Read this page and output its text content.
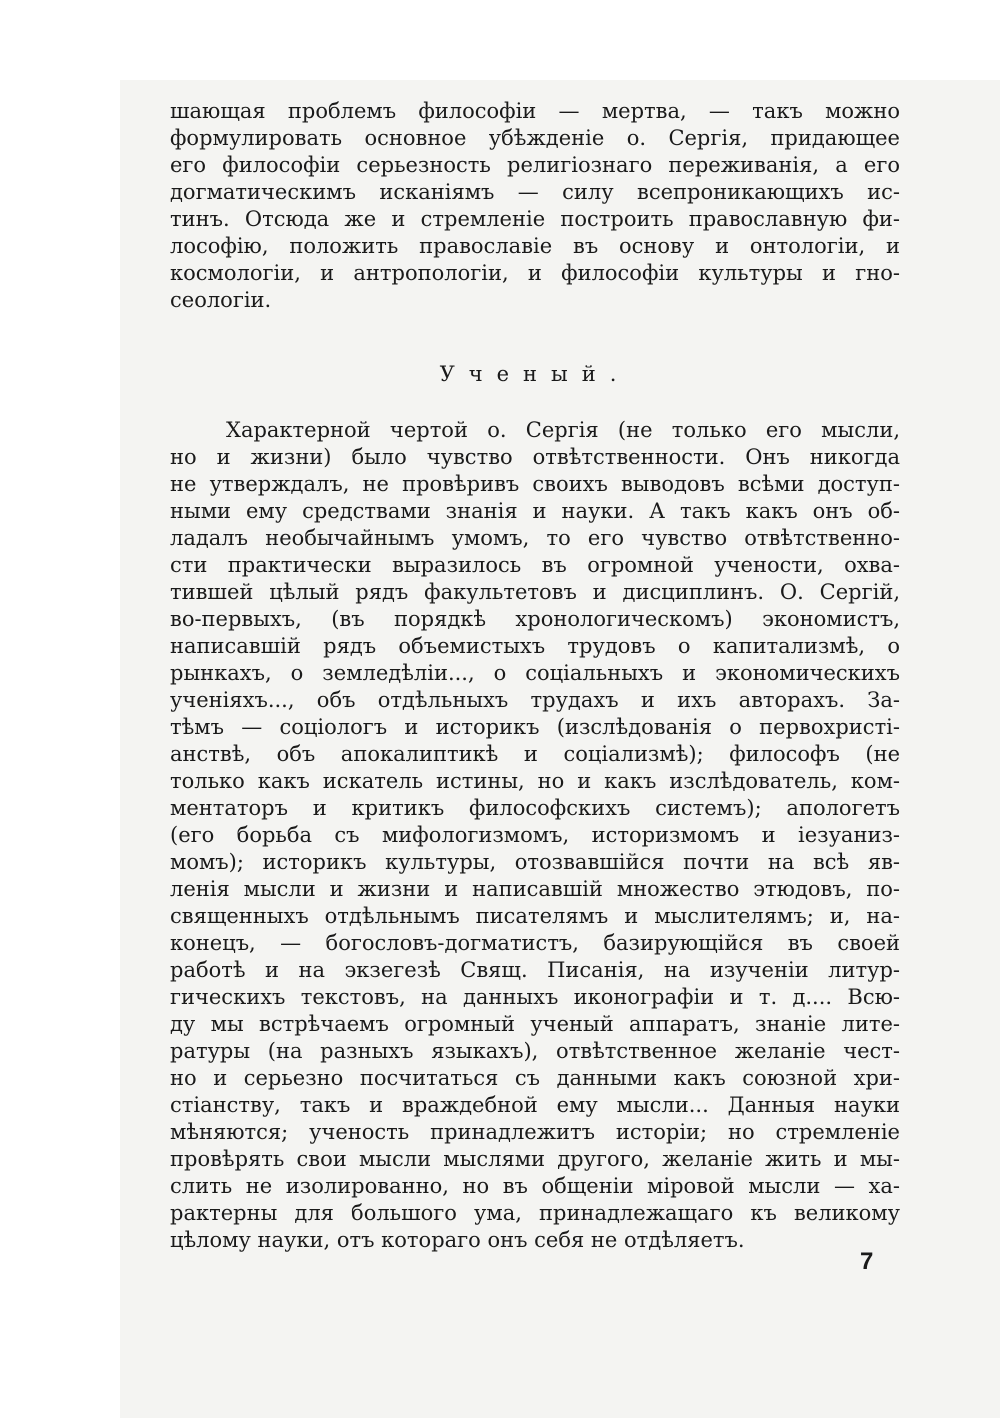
шающая проблемъ философіи — мертва, — такъ можно
формулировать основное убѣжденіе о. Сергія, придающее
его философіи серьезность религіознаго переживанія, а его
догматическимъ исканіямъ — силу всепроникающихъ ис-
тинъ. Отсюда же и стремленіе построить православную фи-
лософію, положить православіе въ основу и онтологіи, и
космологіи, и антропологіи, и философіи культуры и гно-
сеологіи.
Ученый.
Характерной чертой о. Сергія (не только его мысли,
но и жизни) было чувство отвѣтственности. Онъ никогда
не утверждалъ, не провѣривъ своихъ выводовъ всѣми доступ-
ными ему средствами знанія и науки. А такъ какъ онъ об-
ладалъ необычайнымъ умомъ, то его чувство отвѣтственно-
сти практически выразилось въ огромной учености, охва-
тившей цѣлый рядъ факультетовъ и дисциплинъ. О. Сергій,
во-первыхъ, (въ порядкѣ хронологическомъ) экономистъ,
написавшій рядъ объемистыхъ трудовъ о капитализмѣ, о
рынкахъ, о земледѣліи..., о соціальныхъ и экономическихъ
ученіяхъ..., объ отдѣльныхъ трудахъ и ихъ авторахъ. За-
тѣмъ — соціологъ и историкъ (изслѣдованія о первохристі-
анствѣ, объ апокалиптикѣ и соціализмѣ); философъ (не
только какъ искатель истины, но и какъ изслѣдователь, ком-
ментаторъ и критикъ философскихъ системъ); апологетъ
(его борьба съ мифологизмомъ, историзмомъ и іезуаниз-
момъ); историкъ культуры, отозвавшійся почти на всѣ яв-
ленія мысли и жизни и написавшій множество этюдовъ, по-
священныхъ отдѣльнымъ писателямъ и мыслителямъ; и, на-
конецъ, — богословъ-догматистъ, базирующійся въ своей
работѣ и на экзегезѣ Свящ. Писанія, на изученіи литур-
гическихъ текстовъ, на данныхъ иконографіи и т. д.... Всю-
ду мы встрѣчаемъ огромный ученый аппаратъ, знаніе лите-
ратуры (на разныхъ языкахъ), отвѣтственное желаніе чест-
но и серьезно посчитаться съ данными какъ союзной хри-
стіанству, такъ и враждебной ему мысли... Данныя науки
мѣняются; ученость принадлежитъ исторіи; но стремленіе
провѣрять свои мысли мыслями другого, желаніе жить и мы-
слить не изолированно, но въ общеніи міровой мысли — ха-
рактерны для большого ума, принадлежащаго къ великому
цѣлому науки, отъ котораго онъ себя не отдѣляетъ.
7
